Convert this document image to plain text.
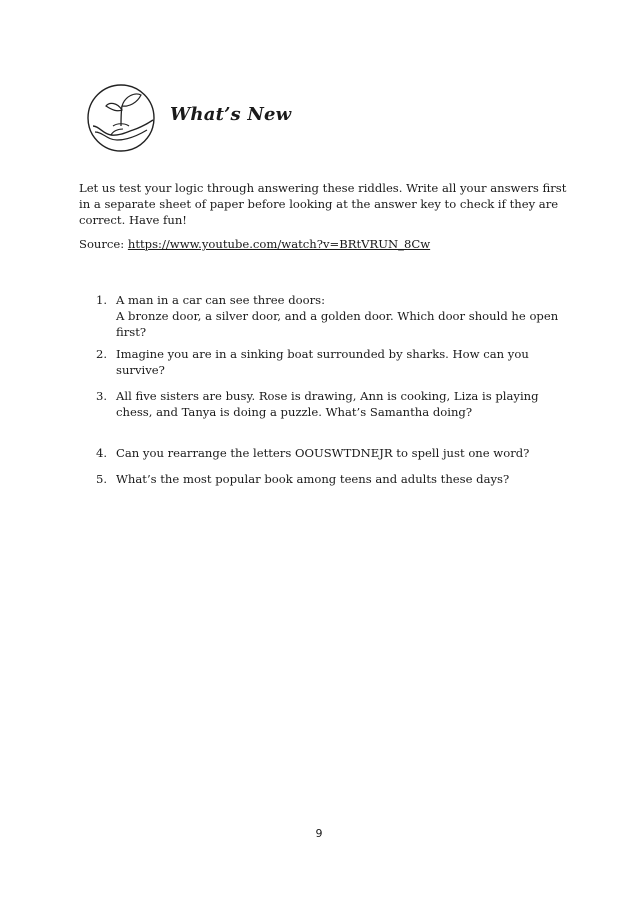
What’s New

Let us test your logic through answering these riddles. Write all your answers first in a separate sheet of paper before looking at the answer key to check if they are correct. Have fun!

Source: https://www.youtube.com/watch?v=BRtVRUN_8Cw
1. A man in a car can see three doors:
A bronze door, a silver door, and a golden door. Which door should he open first?
2. Imagine you are in a sinking boat surrounded by sharks. How can you survive?
3. All five sisters are busy. Rose is drawing, Ann is cooking, Liza is playing chess, and Tanya is doing a puzzle. What’s Samantha doing?
4. Can you rearrange the letters OOUSWTDNEJR to spell just one word?
5. What’s the most popular book among teens and adults these days?
9
